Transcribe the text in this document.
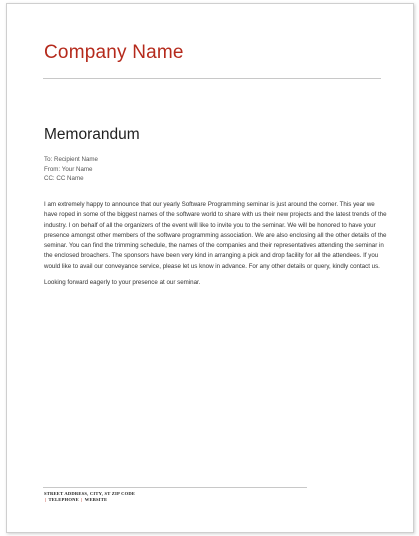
Company Name
Memorandum
To: Recipient Name
From: Your Name
CC: CC Name

I am extremely happy to announce that our yearly Software Programming seminar is just around the corner. This year we have roped in some of the biggest names of the software world to share with us their new projects and the latest trends of the industry. I on behalf of all the organizers of the event will like to invite you to the seminar. We will be honored to have your presence amongst other members of the software programming association. We are also enclosing all the other details of the seminar. You can find the trimming schedule, the names of the companies and their representatives attending the seminar in the enclosed broachers. The sponsors have been very kind in arranging a pick and drop facility for all the attendees. If you would like to avail our conveyance service, please let us know in advance. For any other details or query, kindly contact us.

Looking forward eagerly to your presence at our seminar.

STREET ADDRESS, CITY, ST ZIP CODE
| TELEPHONE | WEBSITE
